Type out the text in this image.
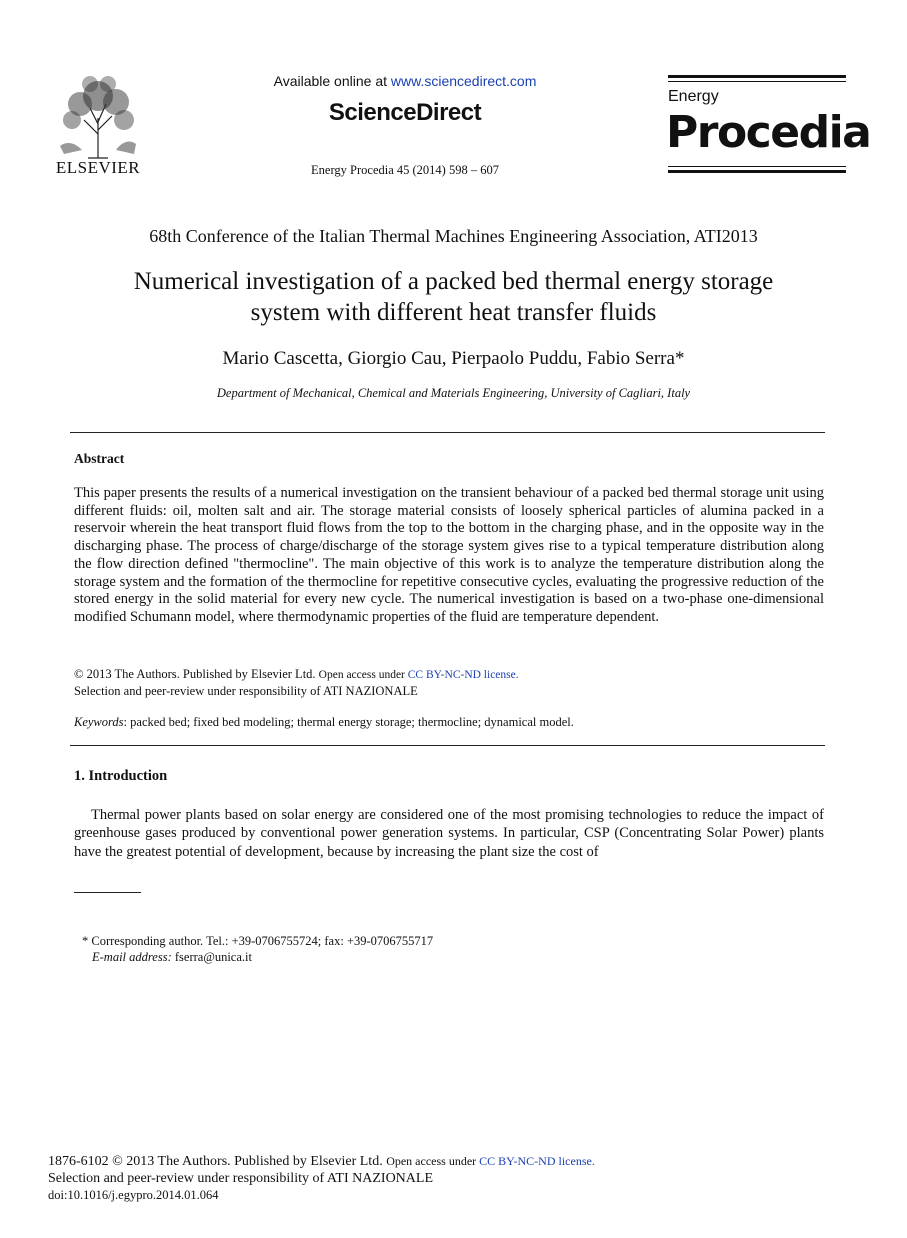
ELSEVIER
Available online at www.sciencedirect.com
ScienceDirect
Energy Procedia 45 (2014) 598 – 607
Energy
Procedia
68th Conference of the Italian Thermal Machines Engineering Association, ATI2013
Numerical investigation of a packed bed thermal energy storage
system with different heat transfer fluids
Mario Cascetta, Giorgio Cau, Pierpaolo Puddu, Fabio Serra*
Department of Mechanical, Chemical and Materials Engineering, University of Cagliari, Italy
Abstract
This paper presents the results of a numerical investigation on the transient behaviour of a packed bed thermal storage unit using different fluids: oil, molten salt and air. The storage material consists of loosely spherical particles of alumina packed in a reservoir wherein the heat transport fluid flows from the top to the bottom in the charging phase, and in the opposite way in the discharging phase. The process of charge/discharge of the storage system gives rise to a typical temperature distribution along the flow direction defined "thermocline". The main objective of this work is to analyze the temperature distribution along the storage system and the formation of the thermocline for repetitive consecutive cycles, evaluating the progressive reduction of the stored energy in the solid material for every new cycle. The numerical investigation is based on a two-phase one-dimensional modified Schumann model, where thermodynamic properties of the fluid are temperature dependent.
© 2013 The Authors. Published by Elsevier Ltd. Open access under CC BY-NC-ND license.
Selection and peer-review under responsibility of ATI NAZIONALE
Keywords: packed bed; fixed bed modeling; thermal energy storage; thermocline; dynamical model.
1. Introduction
Thermal power plants based on solar energy are considered one of the most promising technologies to reduce the impact of greenhouse gases produced by conventional power generation systems. In particular, CSP (Concentrating Solar Power) plants have the greatest potential of development, because by increasing the plant size the cost of
* Corresponding author. Tel.: +39-0706755724; fax: +39-0706755717
E-mail address: fserra@unica.it
1876-6102 © 2013 The Authors. Published by Elsevier Ltd. Open access under CC BY-NC-ND license.
Selection and peer-review under responsibility of ATI NAZIONALE
doi:10.1016/j.egypro.2014.01.064
